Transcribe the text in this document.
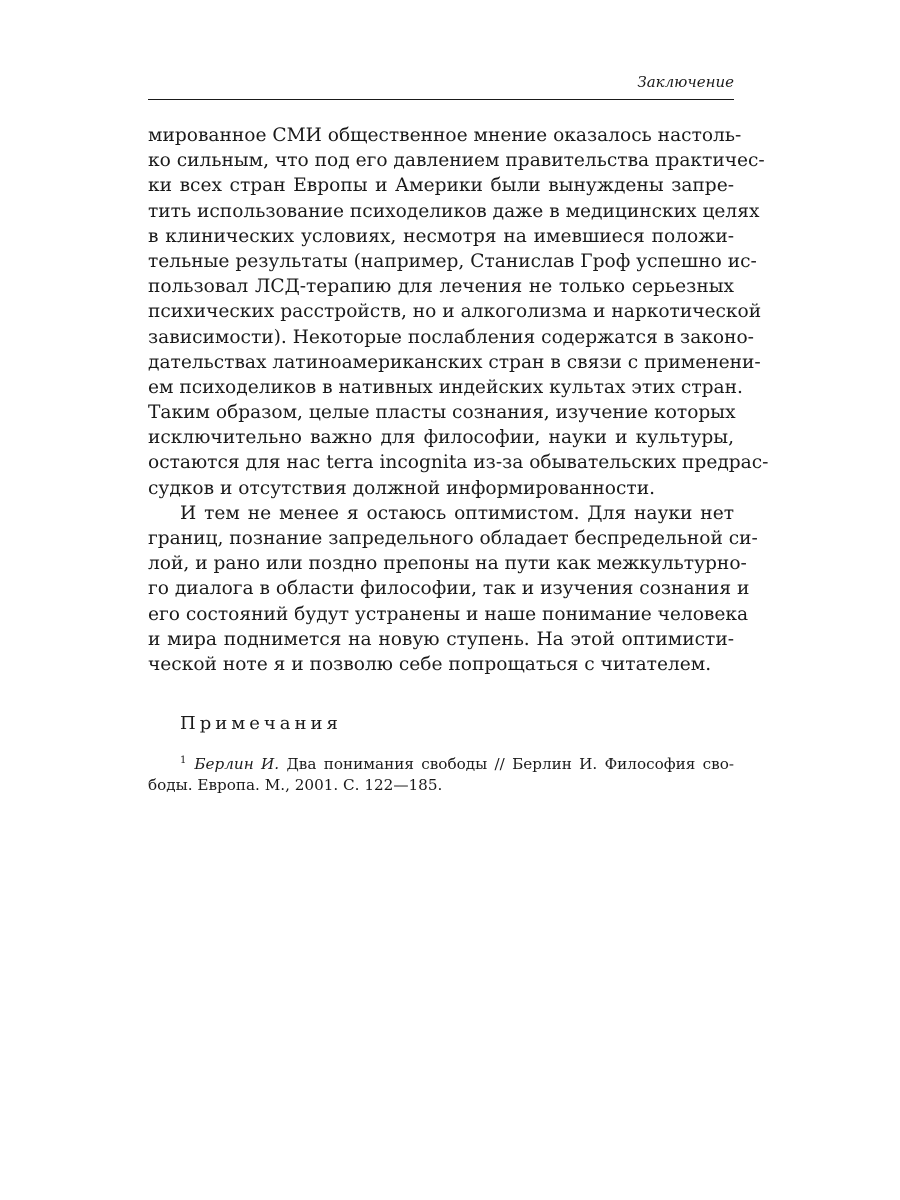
Заключение
мированное СМИ общественное мнение оказалось настоль-
ко сильным, что под его давлением правительства практичес-
ки всех стран Европы и Америки были вынуждены запре-
тить использование психоделиков даже в медицинских целях
в клинических условиях, несмотря на имевшиеся положи-
тельные результаты (например, Станислав Гроф успешно ис-
пользовал ЛСД-терапию для лечения не только серьезных
психических расстройств, но и алкоголизма и наркотической
зависимости). Некоторые послабления содержатся в законо-
дательствах латиноамериканских стран в связи с применени-
ем психоделиков в нативных индейских культах этих стран.
Таким образом, целые пласты сознания, изучение которых
исключительно важно для философии, науки и культуры,
остаются для нас terra incognita из-за обывательских предрас-
судков и отсутствия должной информированности.
И тем не менее я остаюсь оптимистом. Для науки нет
границ, познание запредельного обладает беспредельной си-
лой, и рано или поздно препоны на пути как межкультурно-
го диалога в области философии, так и изучения сознания и
его состояний будут устранены и наше понимание человека
и мира поднимется на новую ступень. На этой оптимисти-
ческой ноте я и позволю себе попрощаться с читателем.
Примечания
$^1$ Берлин И. Два понимания свободы // Берлин И. Философия сво-
боды. Европа. М., 2001. С. 122—185.
